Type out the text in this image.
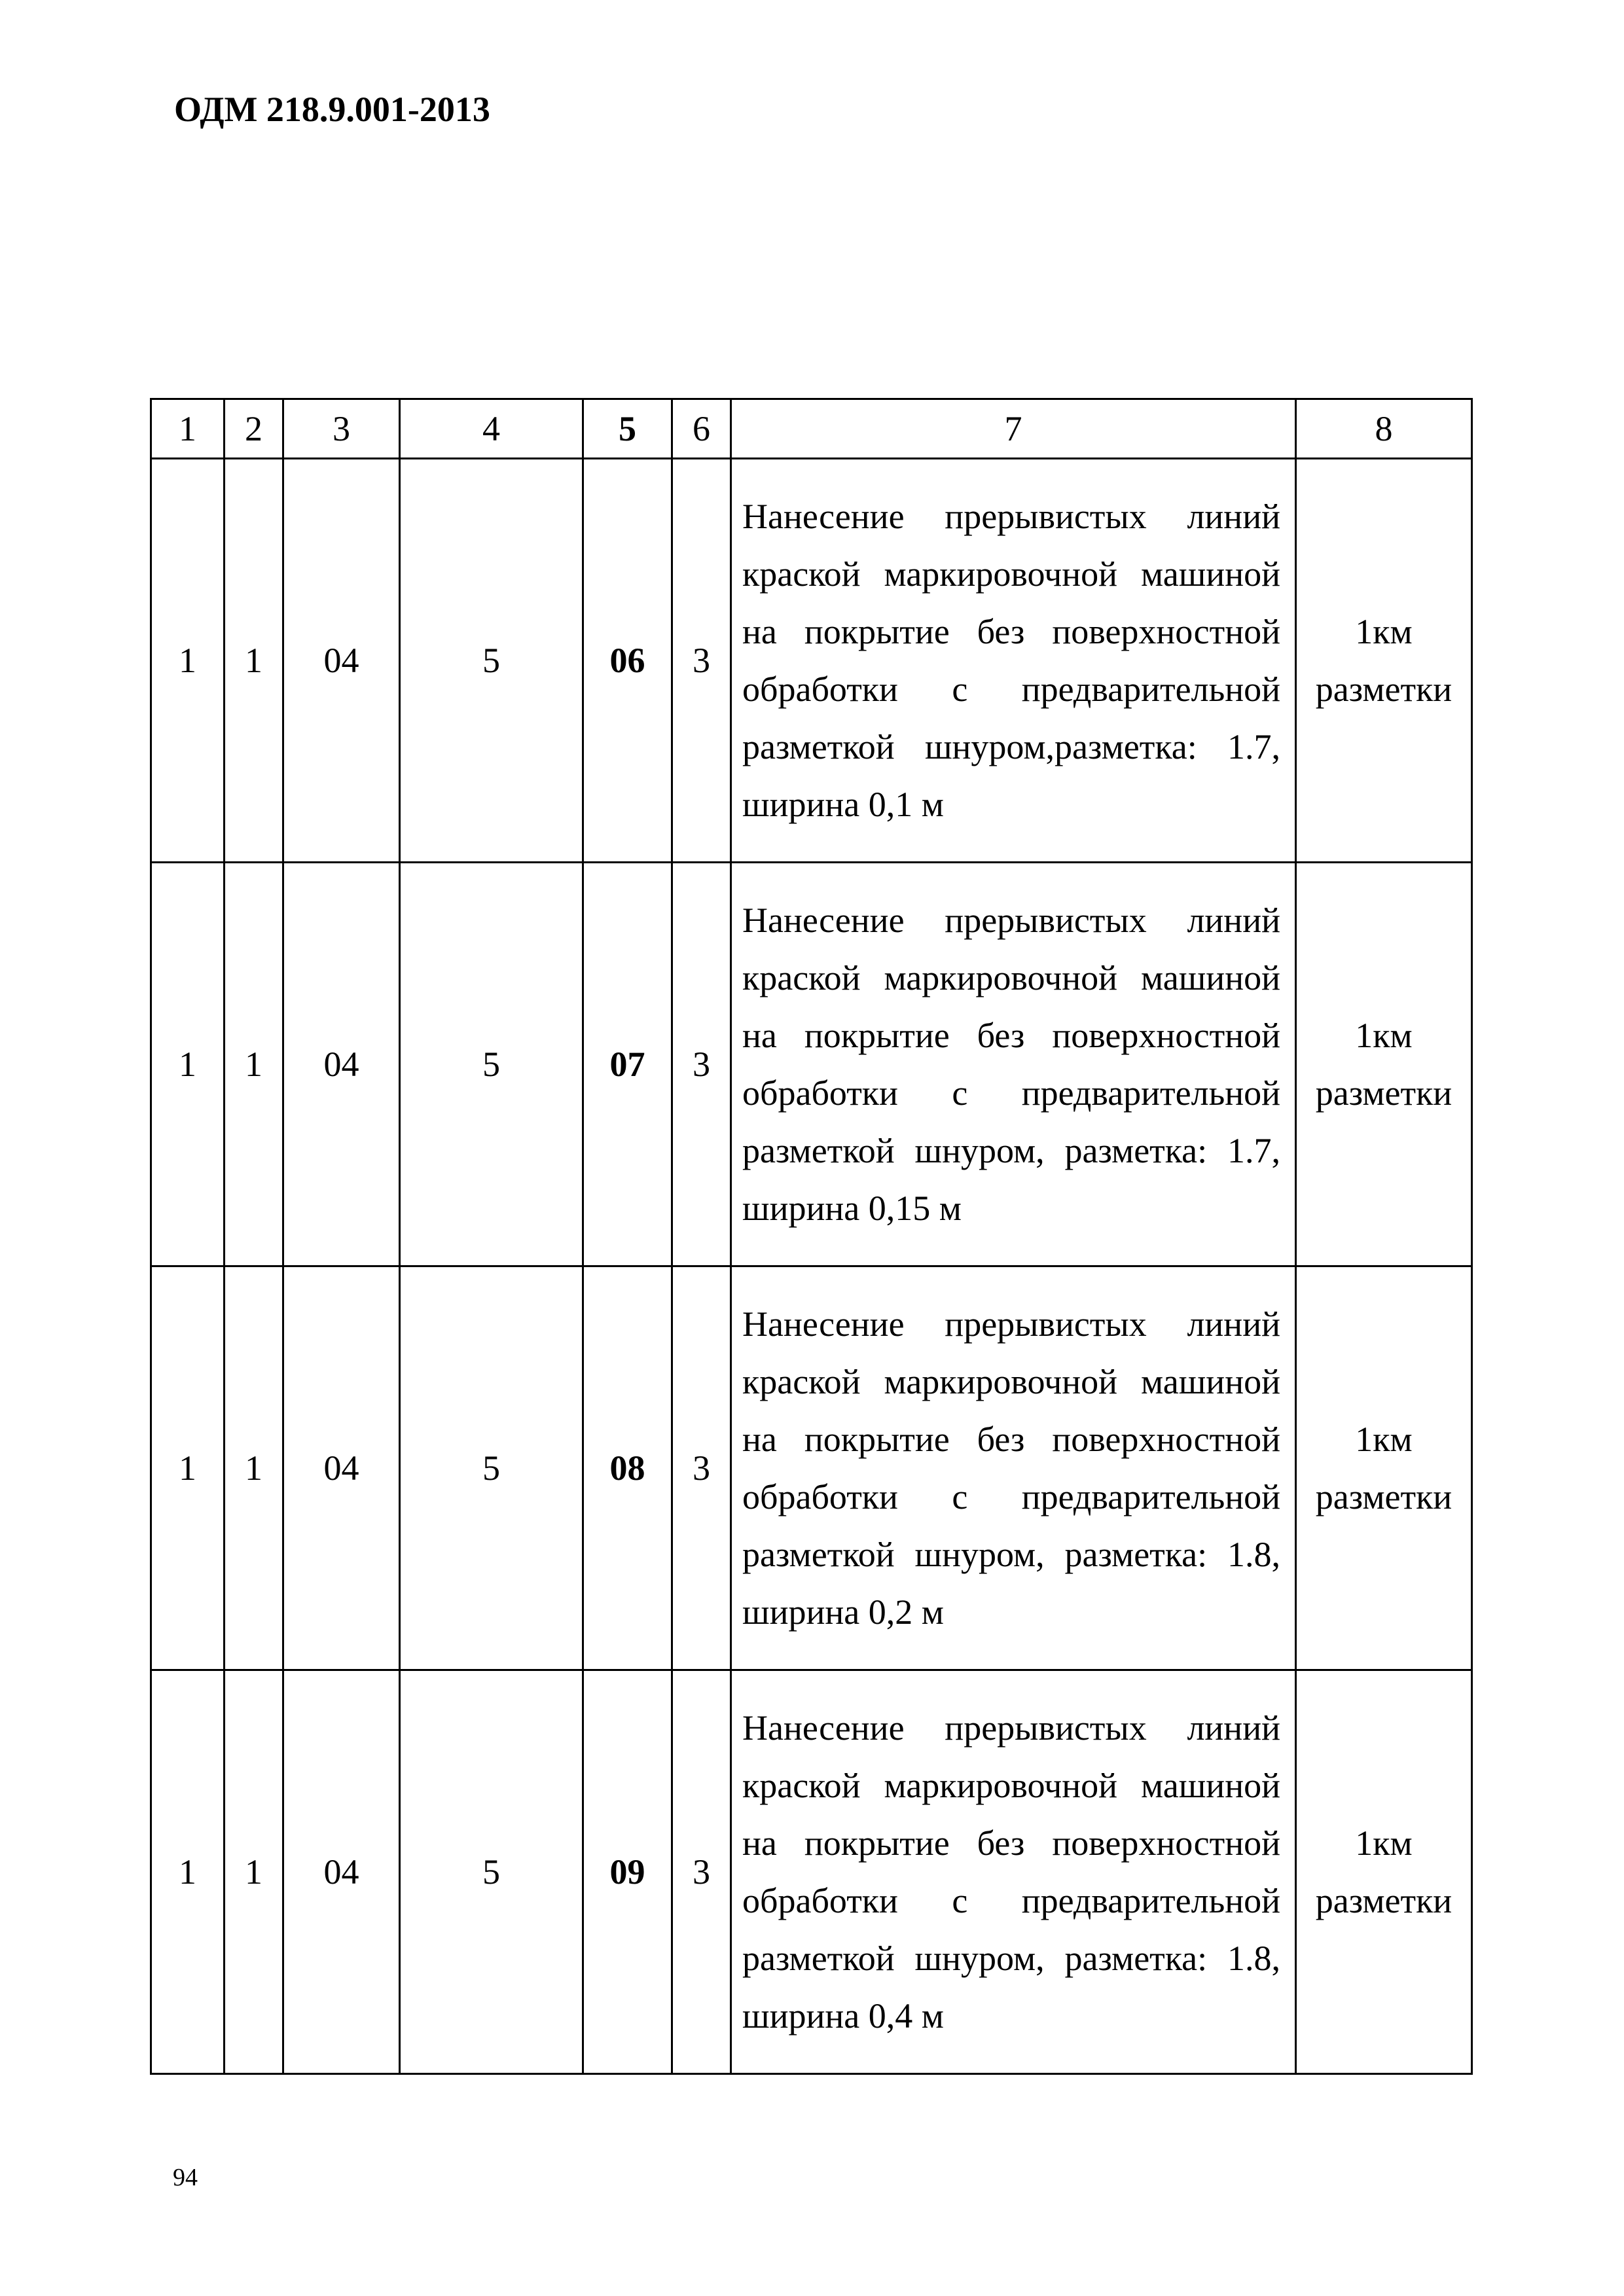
ОДМ 218.9.001-2013
1	2	3	4	5	6	7	8
1	1	04	5	06	3	Нанесение прерывистых линий краской маркировочной машиной на покрытие без поверхностной обработки с предварительной разметкой шнуром,разметка: 1.7, ширина 0,1 м	1км
разметки

1	1	04	5	07	3	Нанесение прерывистых линий краской маркировочной машиной на покрытие без поверхностной обработки с предварительной разметкой шнуром, разметка: 1.7, ширина 0,15 м	1км
разметки

1	1	04	5	08	3	Нанесение прерывистых линий краской маркировочной машиной на покрытие без поверхностной обработки с предварительной разметкой шнуром, разметка: 1.8, ширина 0,2 м	1км
разметки

1	1	04	5	09	3	Нанесение прерывистых линий краской маркировочной машиной на покрытие без поверхностной обработки с предварительной разметкой шнуром, разметка: 1.8, ширина 0,4 м	1км
разметки
94
